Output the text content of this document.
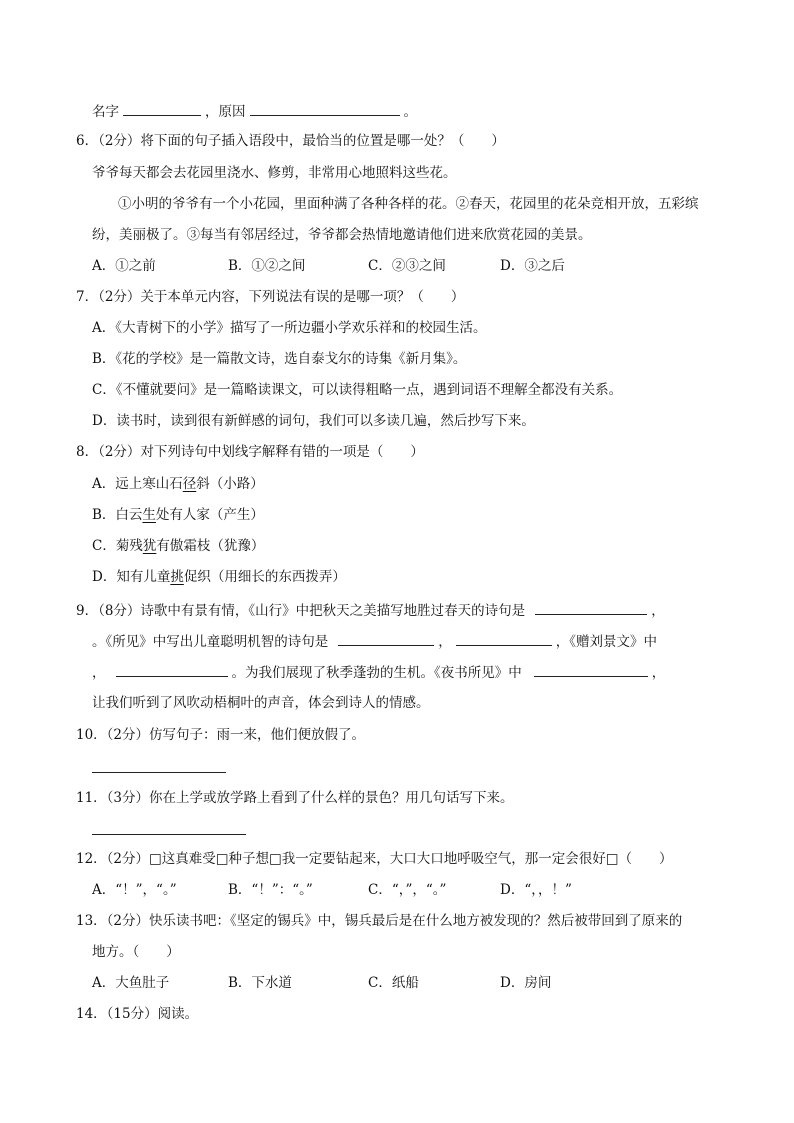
名字	，原因	。
6．（2分）将下面的句子插入语段中，最恰当的位置是哪一处？（　　）
爷爷每天都会去花园里浇水、修剪，非常用心地照料这些花。
①小明的爷爷有一个小花园，里面种满了各种各样的花。②春天，花园里的花朵竞相开放，五彩缤
纷，美丽极了。③每当有邻居经过，爷爷都会热情地邀请他们进来欣赏花园的美景。
A．①之前	B．①②之间	C．②③之间	D．③之后
7．（2分）关于本单元内容，下列说法有误的是哪一项？（　　）
A．《大青树下的小学》描写了一所边疆小学欢乐祥和的校园生活。
B．《花的学校》是一篇散文诗，选自泰戈尔的诗集《新月集》。
C．《不懂就要问》是一篇略读课文，可以读得粗略一点，遇到词语不理解全都没有关系。
D．读书时，读到很有新鲜感的词句，我们可以多读几遍，然后抄写下来。
8．（2分）对下列诗句中划线字解释有错的一项是（　　）
A．远上寒山石径斜（小路）
B．白云生处有人家（产生）
C．菊残犹有傲霜枝（犹豫）
D．知有儿童挑促织（用细长的东西拨弄）
9．（8分）诗歌中有景有情，《山行》中把秋天之美描写地胜过春天的诗句是	，
。《所见》中写出儿童聪明机智的诗句是	，	，《赠刘景文》中
，	。为我们展现了秋季蓬勃的生机。《夜书所见》中	，
让我们听到了风吹动梧桐叶的声音，体会到诗人的情感。
10．（2分）仿写句子：雨一来，他们便放假了。
11．（3分）你在上学或放学路上看到了什么样的景色？用几句话写下来。
12．（2分）□这真难受□种子想□我一定要钻起来，大口大口地呼吸空气，那一定会很好□（　　）
A．“！”，“。”	B．“！”：“。”	C．“，”，“。”	D．“，，！”
13．（2分）快乐读书吧：《坚定的锡兵》中，锡兵最后是在什么地方被发现的？然后被带回到了原来的
地方。（　　）
A．大鱼肚子	B．下水道	C．纸船	D．房间
14．（15分）阅读。
